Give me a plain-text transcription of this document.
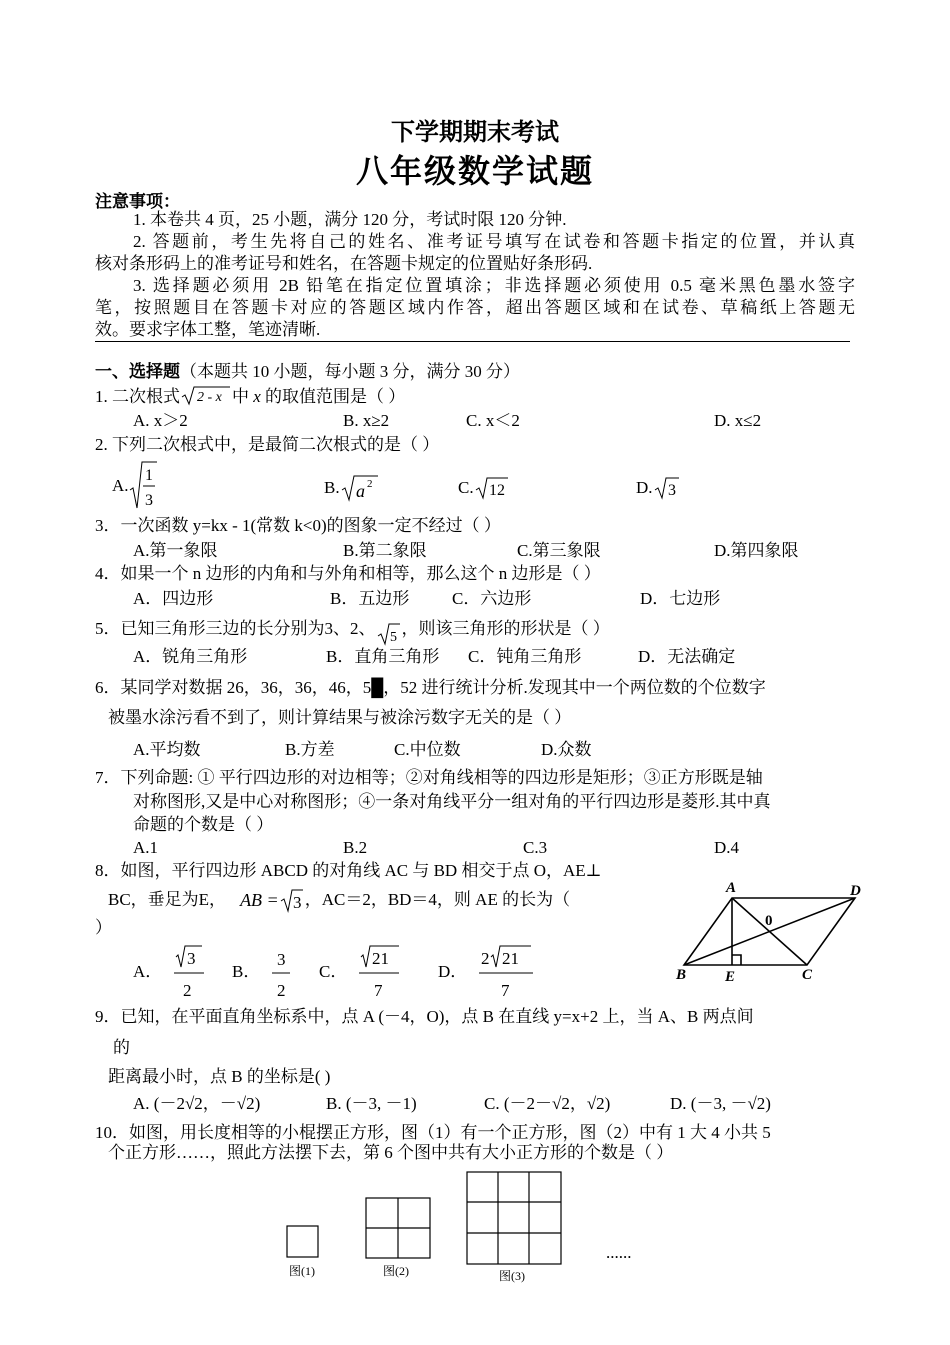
下学期期末考试
八年级数学试题
注意事项：
1. 本卷共 4 页，25 小题，满分 120 分，考试时限 120 分钟.
2. 答题前，考生先将自己的姓名、准考证号填写在试卷和答题卡指定的位置，并认真
核对条形码上的准考证号和姓名，在答题卡规定的位置贴好条形码.
3. 选择题必须用 2B 铅笔在指定位置填涂；非选择题必须使用 0.5 毫米黑色墨水签字
笔，按照题目在答题卡对应的答题区域内作答，超出答题区域和在试卷、草稿纸上答题无
效。要求字体工整，笔迹清晰.
一、选择题（本题共 10 小题，每小题 3 分，满分 30 分）
1. 二次根式 2 - x 中 x 的取值范围是（ ）
A. x＞2	B. x≥2	C. x＜2	D. x≤2
2. 下列二次根式中，是最简二次根式的是（ ）
A.
1
3
B. a 2	C. 12	D. 3
3．一次函数 y=kx - 1(常数 k<0)的图象一定不经过（ ）
A.第一象限	B.第二象限	C.第三象限	D.第四象限
4．如果一个 n 边形的内角和与外角和相等，那么这个 n 边形是（ ）
A．四边形	B．五边形	C．六边形	D．七边形
5．已知三角形三边的长分别为3、2、 5 ，则该三角形的形状是（ ）
A．锐角三角形	B．直角三角形 C．钝角三角形	D．无法确定
6．某同学对数据 26，36，36，46，5█，52 进行统计分析.发现其中一个两位数的个位数字
被墨水涂污看不到了，则计算结果与被涂污数字无关的是（ ）
A.平均数	B.方差	C.中位数	D.众数
7．下列命题: ① 平行四边形的对边相等；②对角线相等的四边形是矩形；③正方形既是轴
对称图形,又是中心对称图形；④一条对角线平分一组对角的平行四边形是菱形.其中真
命题的个数是（ ）
A.1	B.2	C.3	D.4
8．如图，平行四边形 ABCD 的对角线 AC 与 BD 相交于点 O，AE⊥
BC，垂足为E， AB = 3 ，AC＝2，BD＝4，则 AE 的长为（
）
A．
3
2
B．
3
2
C．
21
7
D．
2 21
7
A	D
B	C
E
0
9．已知，在平面直角坐标系中，点 A (－4，O)，点 B 在直线 y=x+2 上，当 A、B 两点间
的
距离最小时，点 B 的坐标是( )
A. (－2√2，－√2)	B. (－3, －1)	C. (－2－√2，√2)	D. (－3, －√2)
10．如图，用长度相等的小棍摆正方形，图（1）有一个正方形，图（2）中有 1 大 4 小共 5
个正方形……，照此方法摆下去，第 6 个图中共有大小正方形的个数是（ ）
图(1)	图(2)	图(3)
......
